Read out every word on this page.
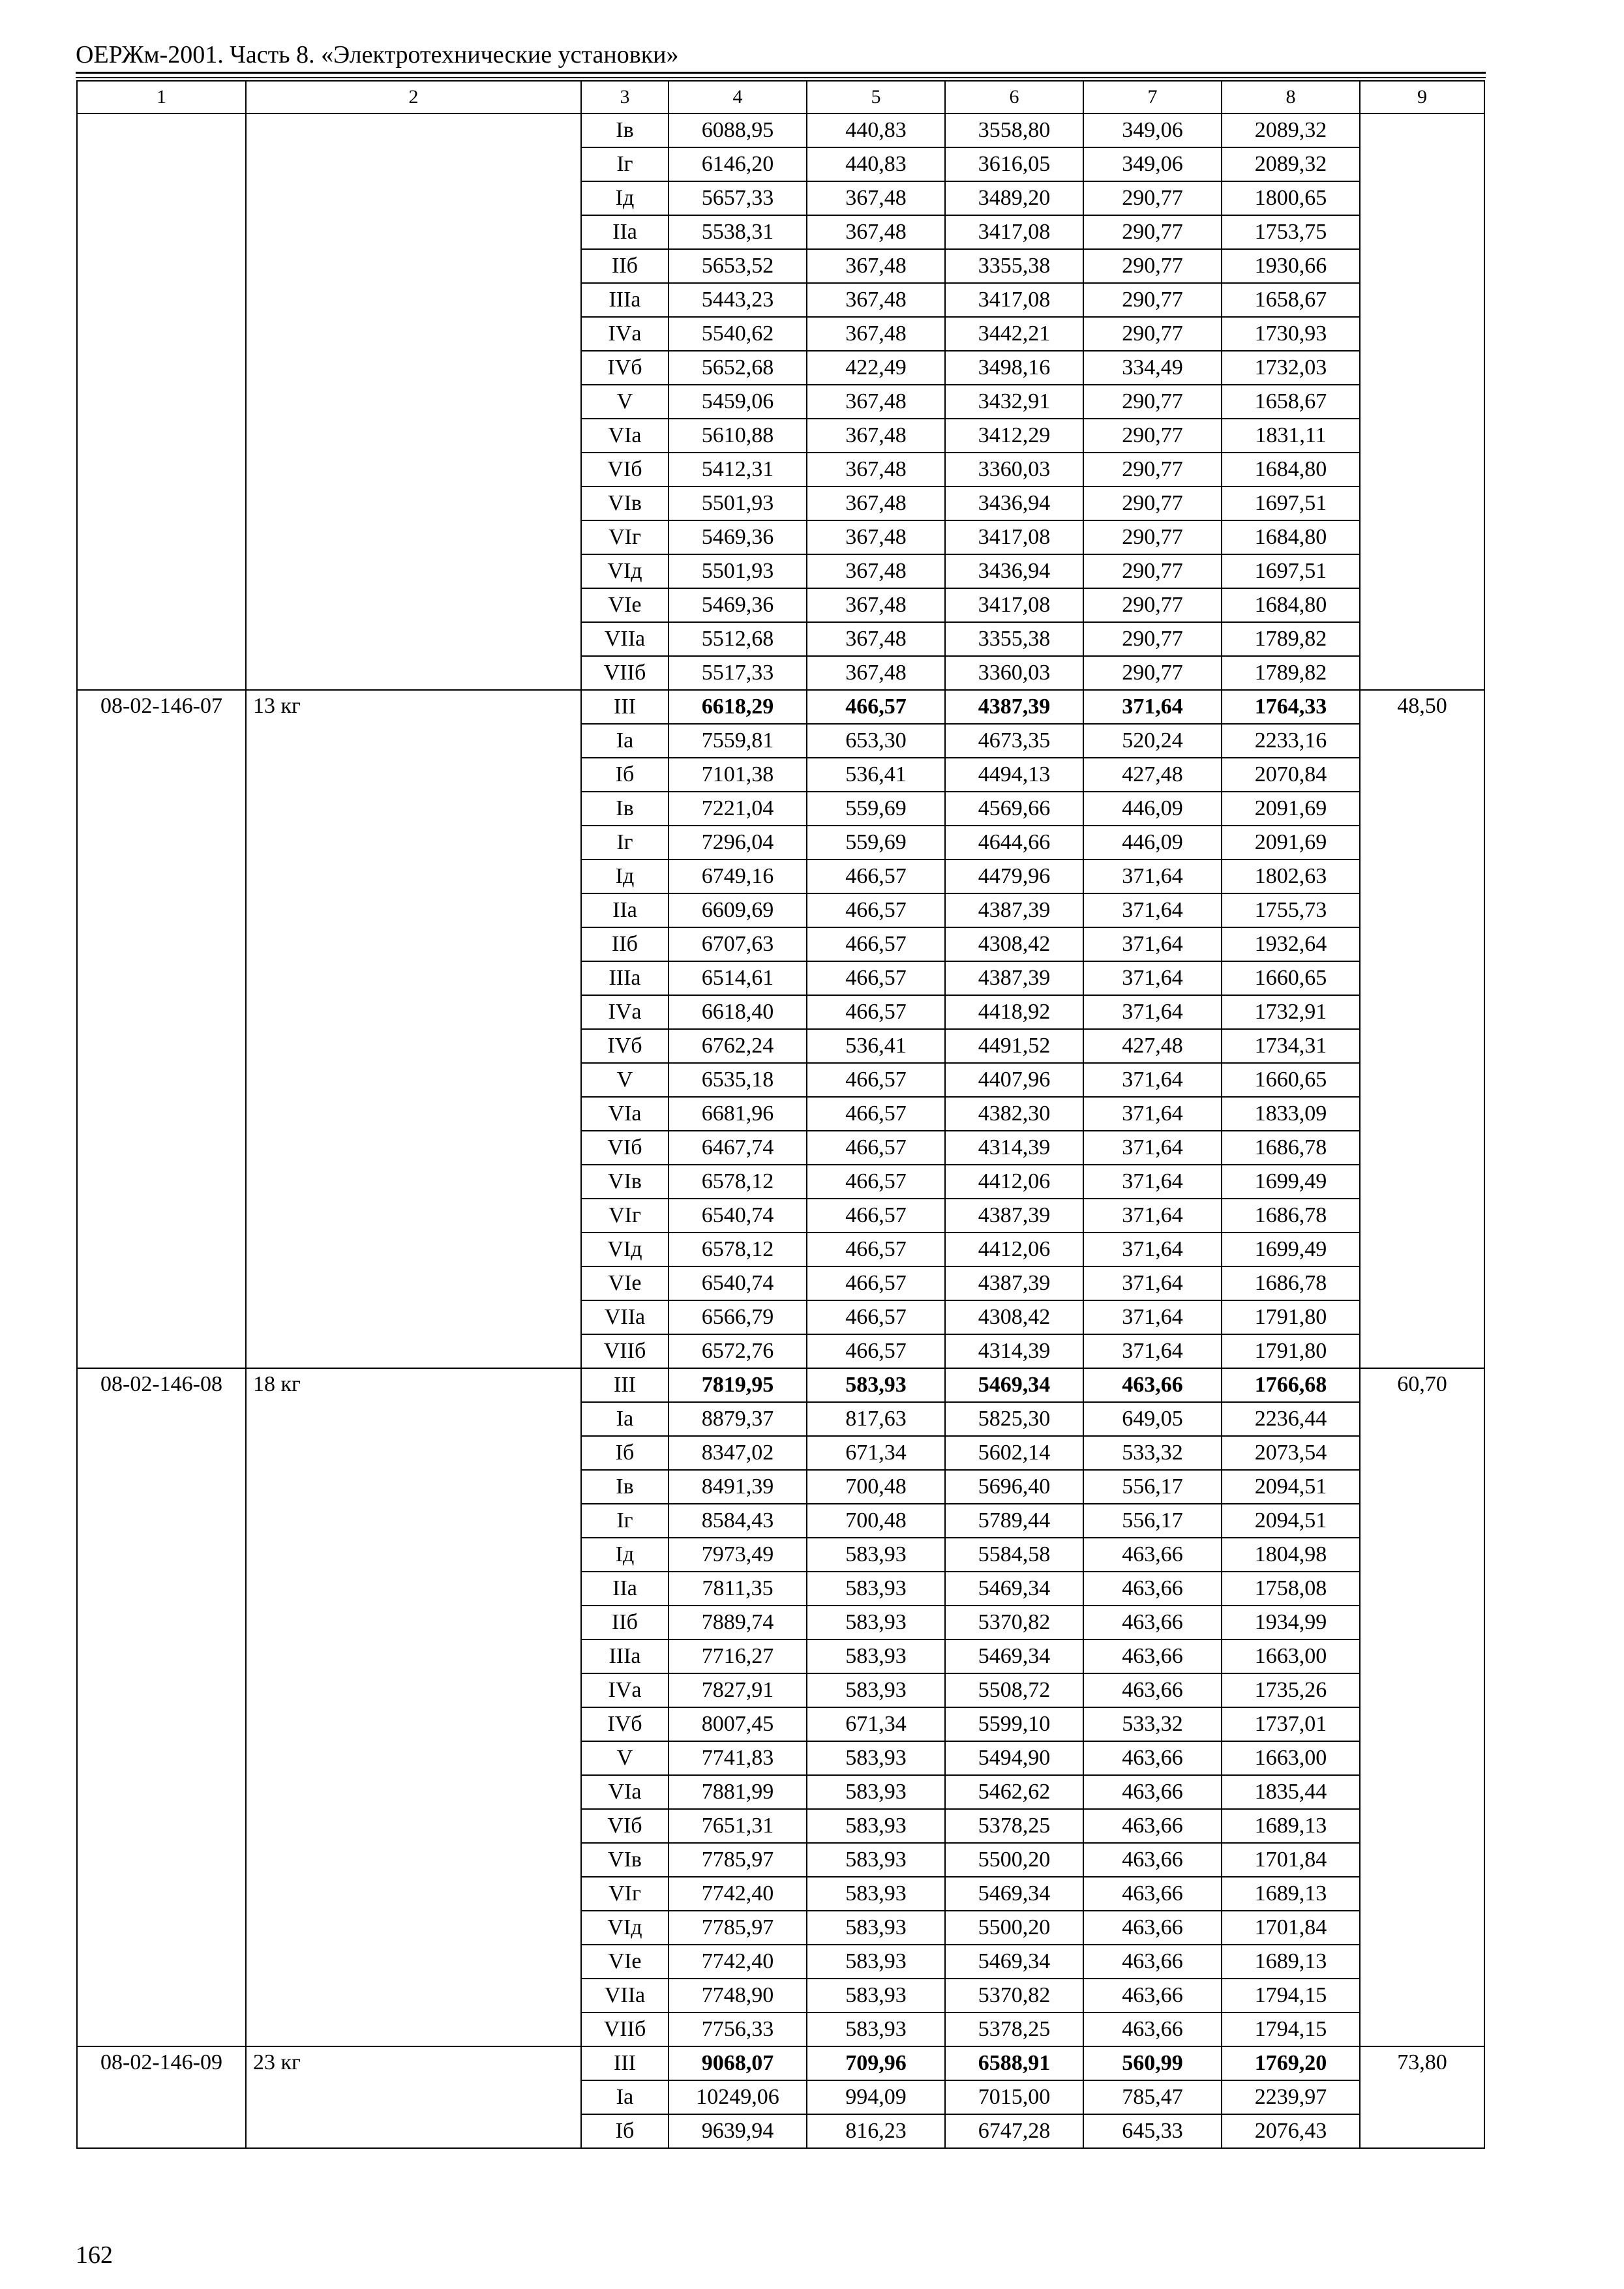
ОЕРЖм-2001. Часть 8. «Электротехнические установки»
1	2	3	4	5	6	7	8	9
		Iв	6088,95	440,83	3558,80	349,06	2089,32	
		Iг	6146,20	440,83	3616,05	349,06	2089,32	
		Iд	5657,33	367,48	3489,20	290,77	1800,65	
		IIа	5538,31	367,48	3417,08	290,77	1753,75	
		IIб	5653,52	367,48	3355,38	290,77	1930,66	
		IIIа	5443,23	367,48	3417,08	290,77	1658,67	
		IVа	5540,62	367,48	3442,21	290,77	1730,93	
		IVб	5652,68	422,49	3498,16	334,49	1732,03	
		V	5459,06	367,48	3432,91	290,77	1658,67	
		VIа	5610,88	367,48	3412,29	290,77	1831,11	
		VIб	5412,31	367,48	3360,03	290,77	1684,80	
		VIв	5501,93	367,48	3436,94	290,77	1697,51	
		VIг	5469,36	367,48	3417,08	290,77	1684,80	
		VIд	5501,93	367,48	3436,94	290,77	1697,51	
		VIе	5469,36	367,48	3417,08	290,77	1684,80	
		VIIа	5512,68	367,48	3355,38	290,77	1789,82	
		VIIб	5517,33	367,48	3360,03	290,77	1789,82	
08-02-146-07	13 кг	III	6618,29	466,57	4387,39	371,64	1764,33	48,50
		Iа	7559,81	653,30	4673,35	520,24	2233,16	
		Iб	7101,38	536,41	4494,13	427,48	2070,84	
		Iв	7221,04	559,69	4569,66	446,09	2091,69	
		Iг	7296,04	559,69	4644,66	446,09	2091,69	
		Iд	6749,16	466,57	4479,96	371,64	1802,63	
		IIа	6609,69	466,57	4387,39	371,64	1755,73	
		IIб	6707,63	466,57	4308,42	371,64	1932,64	
		IIIа	6514,61	466,57	4387,39	371,64	1660,65	
		IVа	6618,40	466,57	4418,92	371,64	1732,91	
		IVб	6762,24	536,41	4491,52	427,48	1734,31	
		V	6535,18	466,57	4407,96	371,64	1660,65	
		VIа	6681,96	466,57	4382,30	371,64	1833,09	
		VIб	6467,74	466,57	4314,39	371,64	1686,78	
		VIв	6578,12	466,57	4412,06	371,64	1699,49	
		VIг	6540,74	466,57	4387,39	371,64	1686,78	
		VIд	6578,12	466,57	4412,06	371,64	1699,49	
		VIе	6540,74	466,57	4387,39	371,64	1686,78	
		VIIа	6566,79	466,57	4308,42	371,64	1791,80	
		VIIб	6572,76	466,57	4314,39	371,64	1791,80	
08-02-146-08	18 кг	III	7819,95	583,93	5469,34	463,66	1766,68	60,70
		Iа	8879,37	817,63	5825,30	649,05	2236,44	
		Iб	8347,02	671,34	5602,14	533,32	2073,54	
		Iв	8491,39	700,48	5696,40	556,17	2094,51	
		Iг	8584,43	700,48	5789,44	556,17	2094,51	
		Iд	7973,49	583,93	5584,58	463,66	1804,98	
		IIа	7811,35	583,93	5469,34	463,66	1758,08	
		IIб	7889,74	583,93	5370,82	463,66	1934,99	
		IIIа	7716,27	583,93	5469,34	463,66	1663,00	
		IVа	7827,91	583,93	5508,72	463,66	1735,26	
		IVб	8007,45	671,34	5599,10	533,32	1737,01	
		V	7741,83	583,93	5494,90	463,66	1663,00	
		VIа	7881,99	583,93	5462,62	463,66	1835,44	
		VIб	7651,31	583,93	5378,25	463,66	1689,13	
		VIв	7785,97	583,93	5500,20	463,66	1701,84	
		VIг	7742,40	583,93	5469,34	463,66	1689,13	
		VIд	7785,97	583,93	5500,20	463,66	1701,84	
		VIе	7742,40	583,93	5469,34	463,66	1689,13	
		VIIа	7748,90	583,93	5370,82	463,66	1794,15	
		VIIб	7756,33	583,93	5378,25	463,66	1794,15	
08-02-146-09	23 кг	III	9068,07	709,96	6588,91	560,99	1769,20	73,80
		Iа	10249,06	994,09	7015,00	785,47	2239,97	
		Iб	9639,94	816,23	6747,28	645,33	2076,43	
162
